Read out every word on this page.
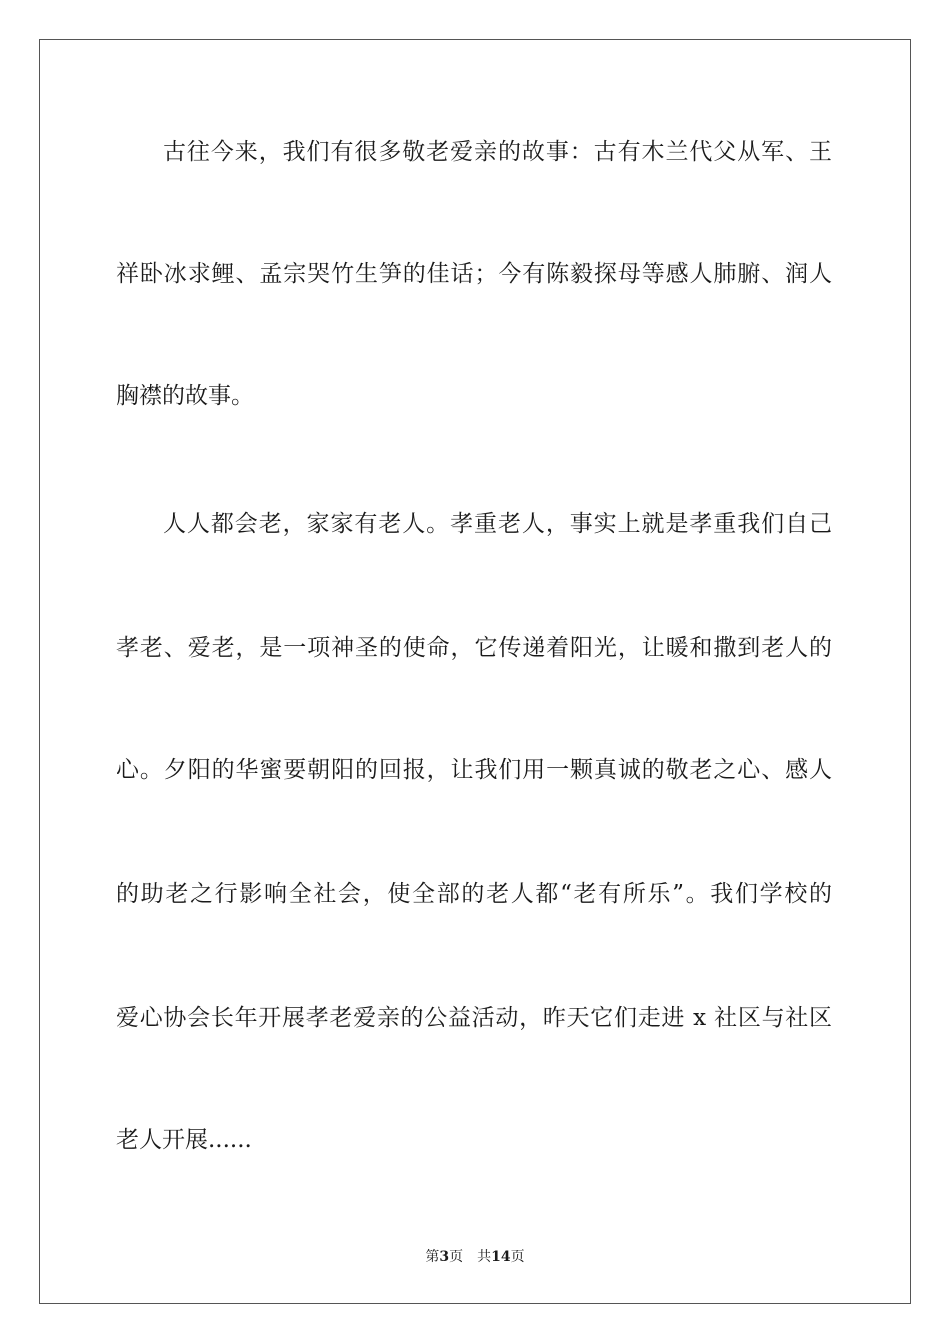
古往今来，我们有很多敬老爱亲的故事：古有木兰代父从军、王

祥卧冰求鲤、孟宗哭竹生笋的佳话；今有陈毅探母等感人肺腑、润人

胸襟的故事。

人人都会老，家家有老人。孝重老人，事实上就是孝重我们自己

孝老、爱老，是一项神圣的使命，它传递着阳光，让暖和撒到老人的

心。夕阳的华蜜要朝阳的回报，让我们用一颗真诚的敬老之心、感人

的助老之行影响全社会，使全部的老人都“老有所乐”。我们学校的

爱心协会长年开展孝老爱亲的公益活动，昨天它们走进 x 社区与社区

老人开展......

第3页　共14页
